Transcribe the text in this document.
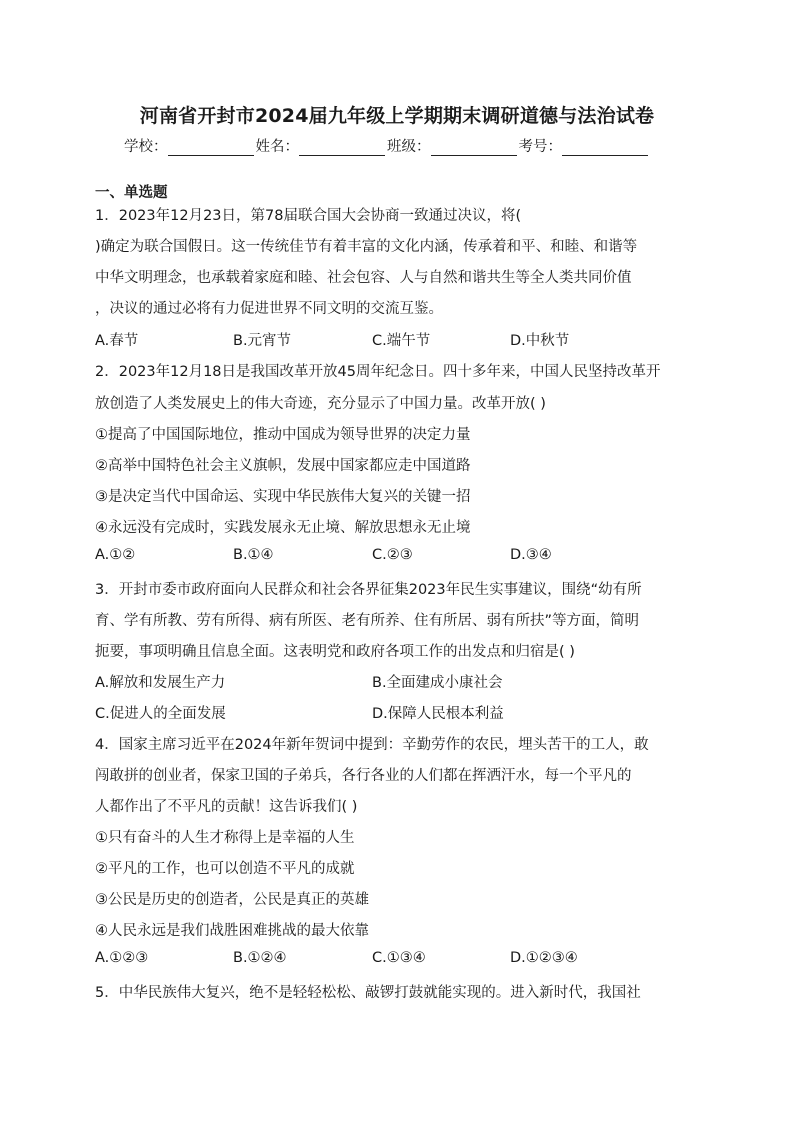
河南省开封市2024届九年级上学期期末调研道德与法治试卷
学校：	姓名：	班级：	考号：
一、单选题
1．2023年12月23日，第78届联合国大会协商一致通过决议，将(
)确定为联合国假日。这一传统佳节有着丰富的文化内涵，传承着和平、和睦、和谐等
中华文明理念，也承载着家庭和睦、社会包容、人与自然和谐共生等全人类共同价值
，决议的通过必将有力促进世界不同文明的交流互鉴。
A.春节	B.元宵节	C.端午节	D.中秋节
2．2023年12月18日是我国改革开放45周年纪念日。四十多年来，中国人民坚持改革开
放创造了人类发展史上的伟大奇迹，充分显示了中国力量。改革开放( )
①提高了中国国际地位，推动中国成为领导世界的决定力量
②高举中国特色社会主义旗帜，发展中国家都应走中国道路
③是决定当代中国命运、实现中华民族伟大复兴的关键一招
④永远没有完成时，实践发展永无止境、解放思想永无止境
A.①②	B.①④	C.②③	D.③④
3．开封市委市政府面向人民群众和社会各界征集2023年民生实事建议，围绕“幼有所
育、学有所教、劳有所得、病有所医、老有所养、住有所居、弱有所扶”等方面，简明
扼要，事项明确且信息全面。这表明党和政府各项工作的出发点和归宿是( )
A.解放和发展生产力	B.全面建成小康社会
C.促进人的全面发展	D.保障人民根本利益
4．国家主席习近平在2024年新年贺词中提到：辛勤劳作的农民，埋头苦干的工人，敢
闯敢拼的创业者，保家卫国的子弟兵，各行各业的人们都在挥洒汗水，每一个平凡的
人都作出了不平凡的贡献！这告诉我们( )
①只有奋斗的人生才称得上是幸福的人生
②平凡的工作，也可以创造不平凡的成就
③公民是历史的创造者，公民是真正的英雄
④人民永远是我们战胜困难挑战的最大依靠
A.①②③	B.①②④	C.①③④	D.①②③④
5．中华民族伟大复兴，绝不是轻轻松松、敲锣打鼓就能实现的。进入新时代，我国社
